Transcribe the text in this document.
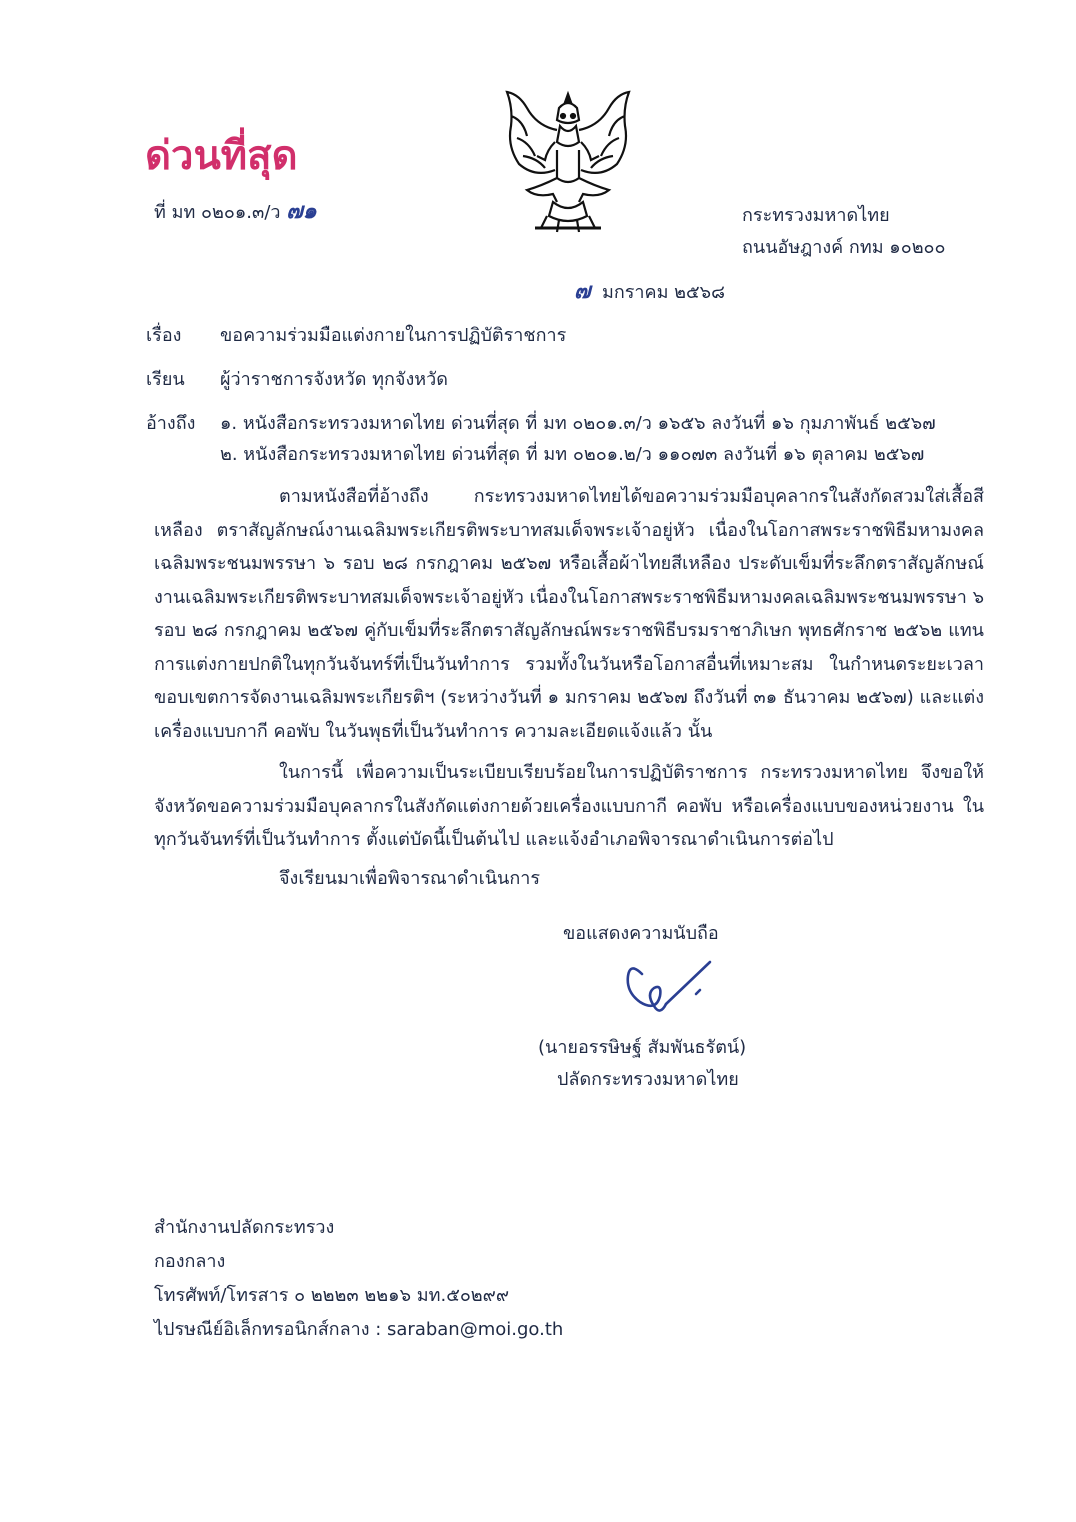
ด่วนที่สุด
ที่ มท ๐๒๐๑.๓/ว ๗๑	กระทรวงมหาดไทย
ถนนอัษฎางค์ กทม ๑๐๒๐๐
๗ มกราคม ๒๕๖๘
เรื่อง ขอความร่วมมือแต่งกายในการปฏิบัติราชการ
เรียน ผู้ว่าราชการจังหวัด ทุกจังหวัด
อ้างถึง ๑. หนังสือกระทรวงมหาดไทย ด่วนที่สุด ที่ มท ๐๒๐๑.๓/ว ๑๖๕๖ ลงวันที่ ๑๖ กุมภาพันธ์ ๒๕๖๗
๒. หนังสือกระทรวงมหาดไทย ด่วนที่สุด ที่ มท ๐๒๐๑.๒/ว ๑๑๐๗๓ ลงวันที่ ๑๖ ตุลาคม ๒๕๖๗
ตามหนังสือที่อ้างถึง กระทรวงมหาดไทยได้ขอความร่วมมือบุคลากรในสังกัดสวมใส่เสื้อสีเหลือง ตราสัญลักษณ์งานเฉลิมพระเกียรติพระบาทสมเด็จพระเจ้าอยู่หัว เนื่องในโอกาสพระราชพิธีมหามงคล เฉลิมพระชนมพรรษา ๖ รอบ ๒๘ กรกฎาคม ๒๕๖๗ หรือเสื้อผ้าไทยสีเหลือง ประดับเข็มที่ระลึกตราสัญลักษณ์ งานเฉลิมพระเกียรติพระบาทสมเด็จพระเจ้าอยู่หัว เนื่องในโอกาสพระราชพิธีมหามงคลเฉลิมพระชนมพรรษา ๖ รอบ ๒๘ กรกฎาคม ๒๕๖๗ คู่กับเข็มที่ระลึกตราสัญลักษณ์พระราชพิธีบรมราชาภิเษก พุทธศักราช ๒๕๖๒ แทนการแต่งกายปกติในทุกวันจันทร์ที่เป็นวันทำการ รวมทั้งในวันหรือโอกาสอื่นที่เหมาะสม ในกำหนดระยะเวลา ขอบเขตการจัดงานเฉลิมพระเกียรติฯ (ระหว่างวันที่ ๑ มกราคม ๒๕๖๗ ถึงวันที่ ๓๑ ธันวาคม ๒๕๖๗) และแต่งเครื่องแบบกากี คอพับ ในวันพุธที่เป็นวันทำการ ความละเอียดแจ้งแล้ว นั้น
ในการนี้ เพื่อความเป็นระเบียบเรียบร้อยในการปฏิบัติราชการ กระทรวงมหาดไทย จึงขอให้ จังหวัดขอความร่วมมือบุคลากรในสังกัดแต่งกายด้วยเครื่องแบบกากี คอพับ หรือเครื่องแบบของหน่วยงาน ในทุกวันจันทร์ที่เป็นวันทำการ ตั้งแต่บัดนี้เป็นต้นไป และแจ้งอำเภอพิจารณาดำเนินการต่อไป
จึงเรียนมาเพื่อพิจารณาดำเนินการ
ขอแสดงความนับถือ
(นายอรรษิษฐ์ สัมพันธรัตน์)
ปลัดกระทรวงมหาดไทย
สำนักงานปลัดกระทรวง
กองกลาง
โทรศัพท์/โทรสาร ๐ ๒๒๒๓ ๒๒๑๖ มท.๕๐๒๙๙
ไปรษณีย์อิเล็กทรอนิกส์กลาง : saraban@moi.go.th
